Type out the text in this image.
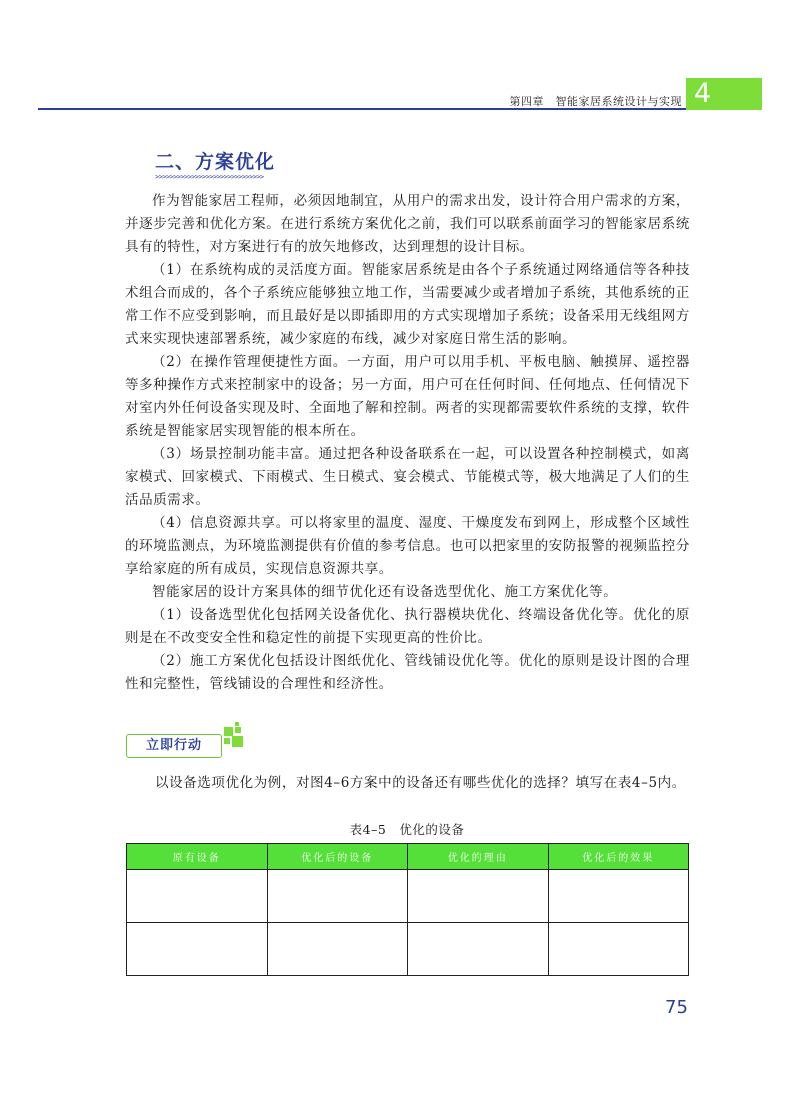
第四章　智能家居系统设计与实现 4
二、方案优化
>>>>>>>>>>>>>>>>>>>>>>>>>>>>>>

作为智能家居工程师，必须因地制宜，从用户的需求出发，设计符合用户需求的方案，并逐步完善和优化方案。在进行系统方案优化之前，我们可以联系前面学习的智能家居系统具有的特性，对方案进行有的放矢地修改，达到理想的设计目标。

（1）在系统构成的灵活度方面。智能家居系统是由各个子系统通过网络通信等各种技术组合而成的，各个子系统应能够独立地工作，当需要减少或者增加子系统，其他系统的正常工作不应受到影响，而且最好是以即插即用的方式实现增加子系统；设备采用无线组网方式来实现快速部署系统，减少家庭的布线，减少对家庭日常生活的影响。

（2）在操作管理便捷性方面。一方面，用户可以用手机、平板电脑、触摸屏、遥控器等多种操作方式来控制家中的设备；另一方面，用户可在任何时间、任何地点、任何情况下对室内外任何设备实现及时、全面地了解和控制。两者的实现都需要软件系统的支撑，软件系统是智能家居实现智能的根本所在。

（3）场景控制功能丰富。通过把各种设备联系在一起，可以设置各种控制模式，如离家模式、回家模式、下雨模式、生日模式、宴会模式、节能模式等，极大地满足了人们的生活品质需求。

（4）信息资源共享。可以将家里的温度、湿度、干燥度发布到网上，形成整个区域性的环境监测点，为环境监测提供有价值的参考信息。也可以把家里的安防报警的视频监控分享给家庭的所有成员，实现信息资源共享。

智能家居的设计方案具体的细节优化还有设备选型优化、施工方案优化等。

（1）设备选型优化包括网关设备优化、执行器模块优化、终端设备优化等。优化的原则是在不改变安全性和稳定性的前提下实现更高的性价比。

（2）施工方案优化包括设计图纸优化、管线铺设优化等。优化的原则是设计图的合理性和完整性，管线铺设的合理性和经济性。

立即行动
以设备选项优化为例，对图4–6方案中的设备还有哪些优化的选择？填写在表4–5内。
表4–5　优化的设备
原有设备	优化后的设备	优化的理由	优化后的效果

75
